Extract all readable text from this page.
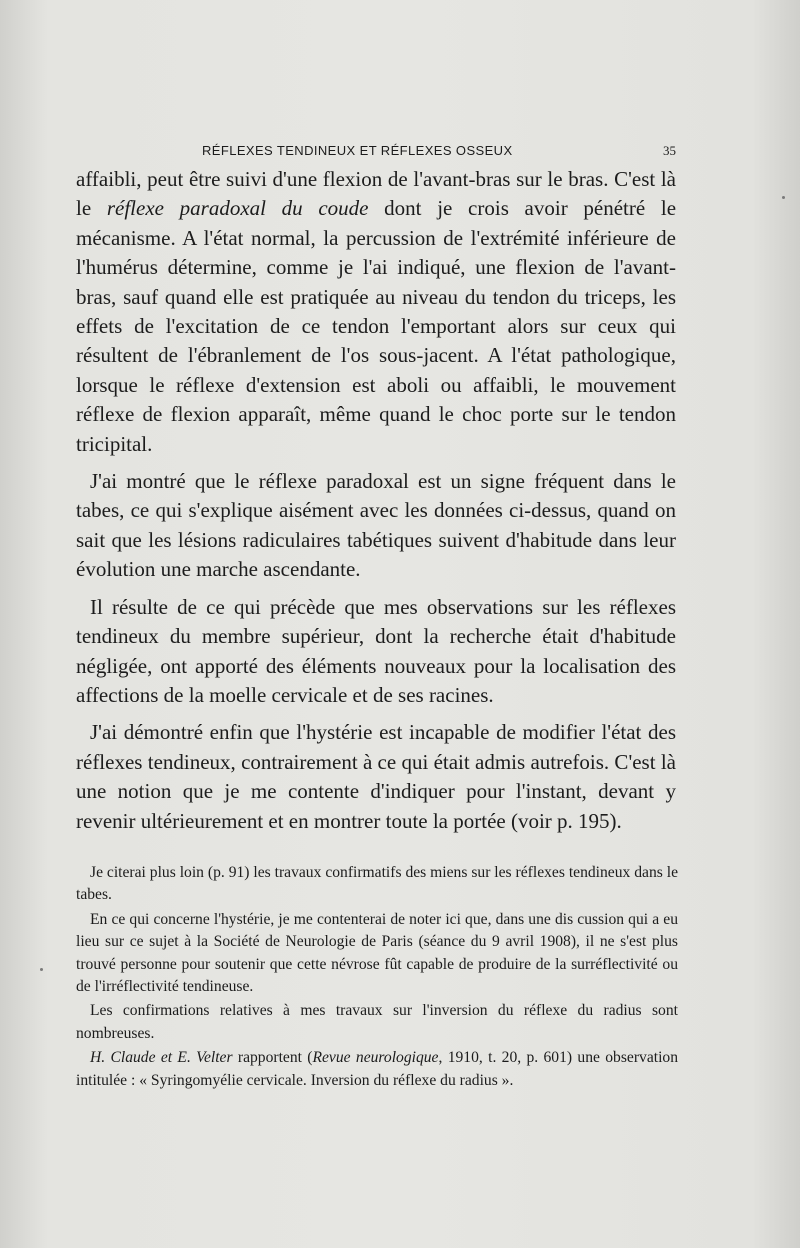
RÉFLEXES TENDINEUX ET RÉFLEXES OSSEUX	35

affaibli, peut être suivi d'une flexion de l'avant-bras sur le bras. C'est là le réflexe paradoxal du coude dont je crois avoir pénétré le mécanisme. A l'état normal, la percussion de l'extrémité inférieure de l'humérus détermine, comme je l'ai indiqué, une flexion de l'avant-bras, sauf quand elle est pratiquée au niveau du tendon du triceps, les effets de l'excitation de ce tendon l'emportant alors sur ceux qui résultent de l'ébranlement de l'os sous-jacent. A l'état pathologique, lorsque le réflexe d'extension est aboli ou affaibli, le mouvement réflexe de flexion apparaît, même quand le choc porte sur le tendon tricipital.

J'ai montré que le réflexe paradoxal est un signe fréquent dans le tabes, ce qui s'explique aisément avec les données ci-dessus, quand on sait que les lésions radiculaires tabétiques suivent d'habitude dans leur évolution une marche ascendante.

Il résulte de ce qui précède que mes observations sur les réflexes tendineux du membre supérieur, dont la recherche était d'habitude négligée, ont apporté des éléments nouveaux pour la localisation des affections de la moelle cervicale et de ses racines.

J'ai démontré enfin que l'hystérie est incapable de modifier l'état des réflexes tendineux, contrairement à ce qui était admis autrefois. C'est là une notion que je me contente d'indiquer pour l'instant, devant y revenir ultérieurement et en montrer toute la portée (voir p. 195).

Je citerai plus loin (p. 91) les travaux confirmatifs des miens sur les réflexes tendineux dans le tabes.

En ce qui concerne l'hystérie, je me contenterai de noter ici que, dans une dis cussion qui a eu lieu sur ce sujet à la Société de Neurologie de Paris (séance du 9 avril 1908), il ne s'est plus trouvé personne pour soutenir que cette névrose fût capable de produire de la surréflectivité ou de l'irréflectivité tendineuse.

Les confirmations relatives à mes travaux sur l'inversion du réflexe du radius sont nombreuses.

H. Claude et E. Velter rapportent (Revue neurologique, 1910, t. 20, p. 601) une observation intitulée : « Syringomyélie cervicale. Inversion du réflexe du radius ».
